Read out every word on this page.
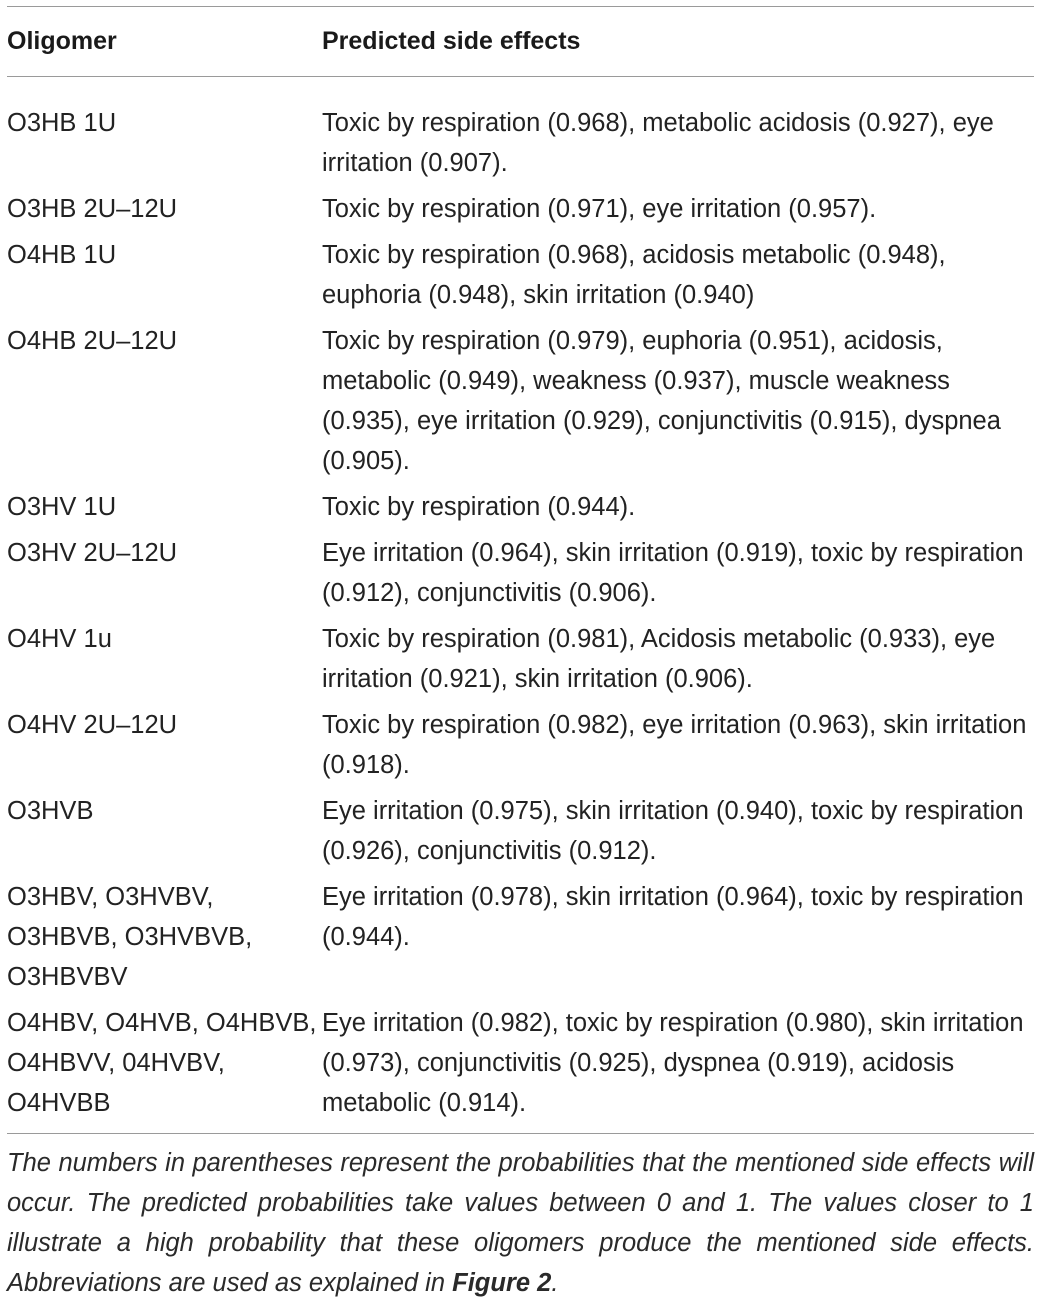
Oligomer	Predicted side effects
O3HB 1U	Toxic by respiration (0.968), metabolic acidosis (0.927), eye irritation (0.907).
O3HB 2U–12U	Toxic by respiration (0.971), eye irritation (0.957).
O4HB 1U	Toxic by respiration (0.968), acidosis metabolic (0.948), euphoria (0.948), skin irritation (0.940)
O4HB 2U–12U	Toxic by respiration (0.979), euphoria (0.951), acidosis, metabolic (0.949), weakness (0.937), muscle weakness (0.935), eye irritation (0.929), conjunctivitis (0.915), dyspnea (0.905).
O3HV 1U	Toxic by respiration (0.944).
O3HV 2U–12U	Eye irritation (0.964), skin irritation (0.919), toxic by respiration (0.912), conjunctivitis (0.906).
O4HV 1u	Toxic by respiration (0.981), Acidosis metabolic (0.933), eye irritation (0.921), skin irritation (0.906).
O4HV 2U–12U	Toxic by respiration (0.982), eye irritation (0.963), skin irritation (0.918).
O3HVB	Eye irritation (0.975), skin irritation (0.940), toxic by respiration (0.926), conjunctivitis (0.912).
O3HBV, O3HVBV, O3HBVB, O3HVBVB, O3HBVBV	Eye irritation (0.978), skin irritation (0.964), toxic by respiration (0.944).
O4HBV, O4HVB, O4HBVB, O4HBVV, 04HVBV, O4HVBB	Eye irritation (0.982), toxic by respiration (0.980), skin irritation (0.973), conjunctivitis (0.925), dyspnea (0.919), acidosis metabolic (0.914).
The numbers in parentheses represent the probabilities that the mentioned side effects will occur. The predicted probabilities take values between 0 and 1. The values closer to 1 illustrate a high probability that these oligomers produce the mentioned side effects. Abbreviations are used as explained in Figure 2.
